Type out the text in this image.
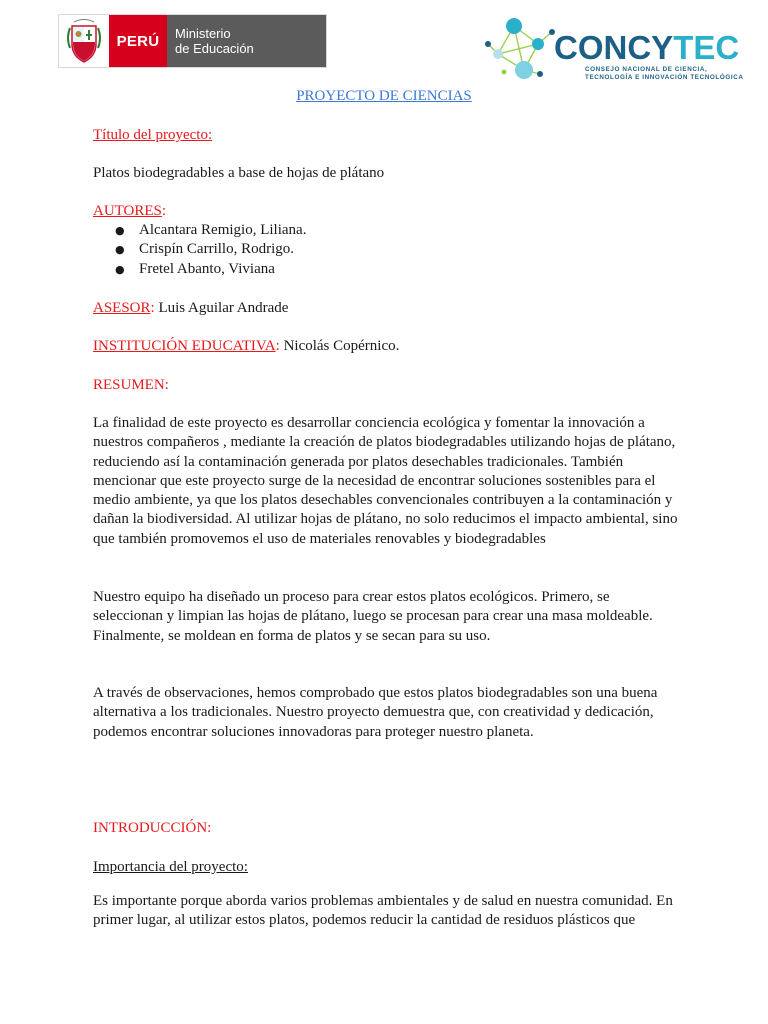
PERÚ	Ministerio
de Educación	CONCYTEC
CONSEJO NACIONAL DE CIENCIA,
TECNOLOGÍA E INNOVACIÓN TECNOLÓGICA
PROYECTO DE CIENCIAS
Título del proyecto:
Platos biodegradables a base de hojas de plátano
AUTORES:
● Alcantara Remigio, Liliana.
● Crispín Carrillo, Rodrigo.
● Fretel Abanto, Viviana
ASESOR: Luis Aguilar Andrade
INSTITUCIÓN EDUCATIVA: Nicolás Copérnico.
RESUMEN:
La finalidad de este proyecto es desarrollar conciencia ecológica y fomentar la innovación a nuestros compañeros , mediante la creación de platos biodegradables utilizando hojas de plátano, reduciendo así la contaminación generada por platos desechables tradicionales. También mencionar que este proyecto surge de la necesidad de encontrar soluciones sostenibles para el medio ambiente, ya que los platos desechables convencionales contribuyen a la contaminación y dañan la biodiversidad. Al utilizar hojas de plátano, no solo reducimos el impacto ambiental, sino que también promovemos el uso de materiales renovables y biodegradables
Nuestro equipo ha diseñado un proceso para crear estos platos ecológicos. Primero, se seleccionan y limpian las hojas de plátano, luego se procesan para crear una masa moldeable. Finalmente, se moldean en forma de platos y se secan para su uso.
A través de observaciones, hemos comprobado que estos platos biodegradables son una buena alternativa a los tradicionales. Nuestro proyecto demuestra que, con creatividad y dedicación, podemos encontrar soluciones innovadoras para proteger nuestro planeta.
INTRODUCCIÓN:
Importancia del proyecto:
Es importante porque aborda varios problemas ambientales y de salud en nuestra comunidad. En primer lugar, al utilizar estos platos, podemos reducir la cantidad de residuos plásticos que
